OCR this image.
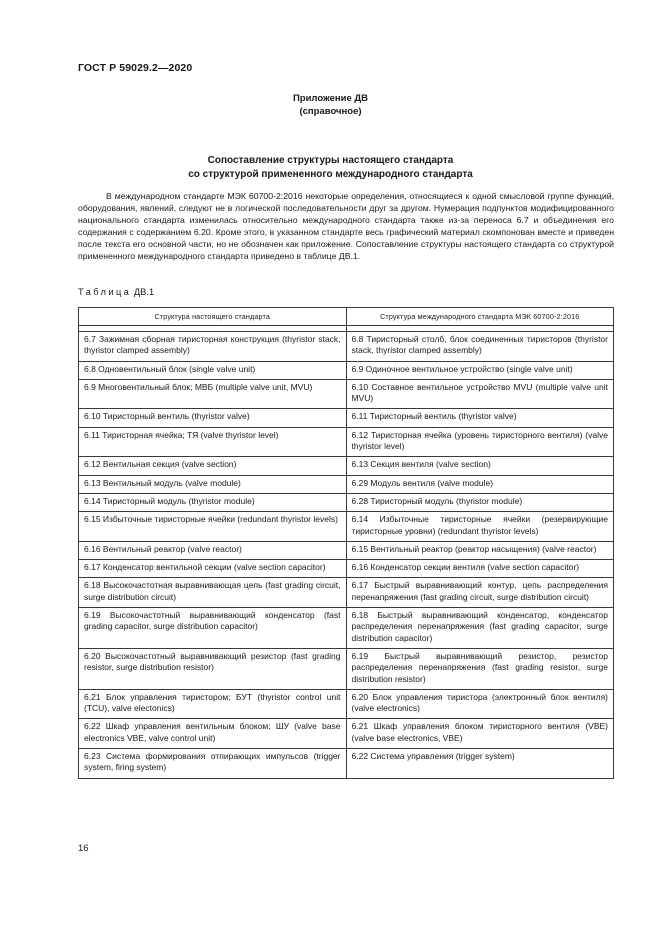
ГОСТ Р 59029.2—2020
Приложение ДВ
(справочное)
Сопоставление структуры настоящего стандарта
со структурой примененного международного стандарта

В международном стандарте МЭК 60700-2:2016 некоторые определения, относящиеся к одной смысловой группе функций, оборудования, явлений, следуют не в логической последовательности друг за другом. Нумерация подпунктов модифицированного национального стандарта изменилась относительно международного стандарта также из-за переноса 6.7 и объединения его содержания с содержанием 6.20. Кроме этого, в указанном стандарте весь графический материал скомпонован вместе и приведен после текста его основной части, но не обозначен как приложение. Сопоставление структуры настоящего стандарта со структурой примененного международного стандарта приведено в таблице ДВ.1.

Таблица ДВ.1
Структура настоящего стандарта	Структура международного стандарта МЭК 60700-2:2016

6.7 Зажимная сборная тиристорная конструкция (thyristor stack, thyristor clamped assembly)	6.8 Тиристорный столб, блок соединенных тиристоров (thyristor stack, thyristor clamped assembly)
6.8 Одновентильный блок (single valve unit)	6.9 Одиночное вентильное устройство (single valve unit)
6.9 Многовентильный блок; МВБ (multiple valve unit, MVU)	6.10 Составное вентильное устройство MVU (multiple valve unit MVU)
6.10 Тиристорный вентиль (thyristor valve)	6.11 Тиристорный вентиль (thyristor valve)
6.11 Тиристорная ячейка; ТЯ (valve thyristor level)	6.12 Тиристорная ячейка (уровень тиристорного вентиля) (valve thyristor level)
6.12 Вентильная секция (valve section)	6.13 Секция вентиля (valve section)
6.13 Вентильный модуль (valve module)	6.29 Модуль вентиля (valve module)
6.14 Тиристорный модуль (thyristor module)	6.28 Тиристорный модуль (thyristor module)
6.15 Избыточные тиристорные ячейки (redundant thyristor levels)	6.14 Избыточные тиристорные ячейки (резервирующие тиристорные уровни) (redundant thyristor levels)
6.16 Вентильный реактор (valve reactor)	6.15 Вентильный реактор (реактор насыщения) (valve reactor)
6.17 Конденсатор вентильной секции (valve section capacitor)	6.16 Конденсатор секции вентиля (valve section capacitor)
6.18 Высокочастотная выравнивающая цепь (fast grading circuit, surge distribution circuit)	6.17 Быстрый выравнивающий контур, цепь распределения перенапряжения (fast grading circuit, surge distribution circuit)
6.19 Высокочастотный выравнивающий конденсатор (fast grading capacitor, surge distribution capacitor)	6.18 Быстрый выравнивающий конденсатор, конденсатор распределения перенапряжения (fast grading capacitor, surge distribution capacitor)
6.20 Высокочастотный выравнивающий резистор (fast grading resistor, surge distribution resistor)	6.19 Быстрый выравнивающий резистор, резистор распределения перенапряжения (fast grading resistor, surge distribution resistor)
6.21 Блок управления тиристором; БУТ (thyristor control unit (TCU), valve electonics)	6.20 Блок управления тиристора (электронный блок вентиля) (valve electronics)
6.22 Шкаф управления вентильным блоком; ШУ (valve base electronics VBE, valve control unit)	6.21 Шкаф управления блоком тиристорного вентиля (VBE) (valve base electronics, VBE)
6.23 Система формирования отпирающих импульсов (trigger system, firing system)	6.22 Система управления (trigger system)
16
